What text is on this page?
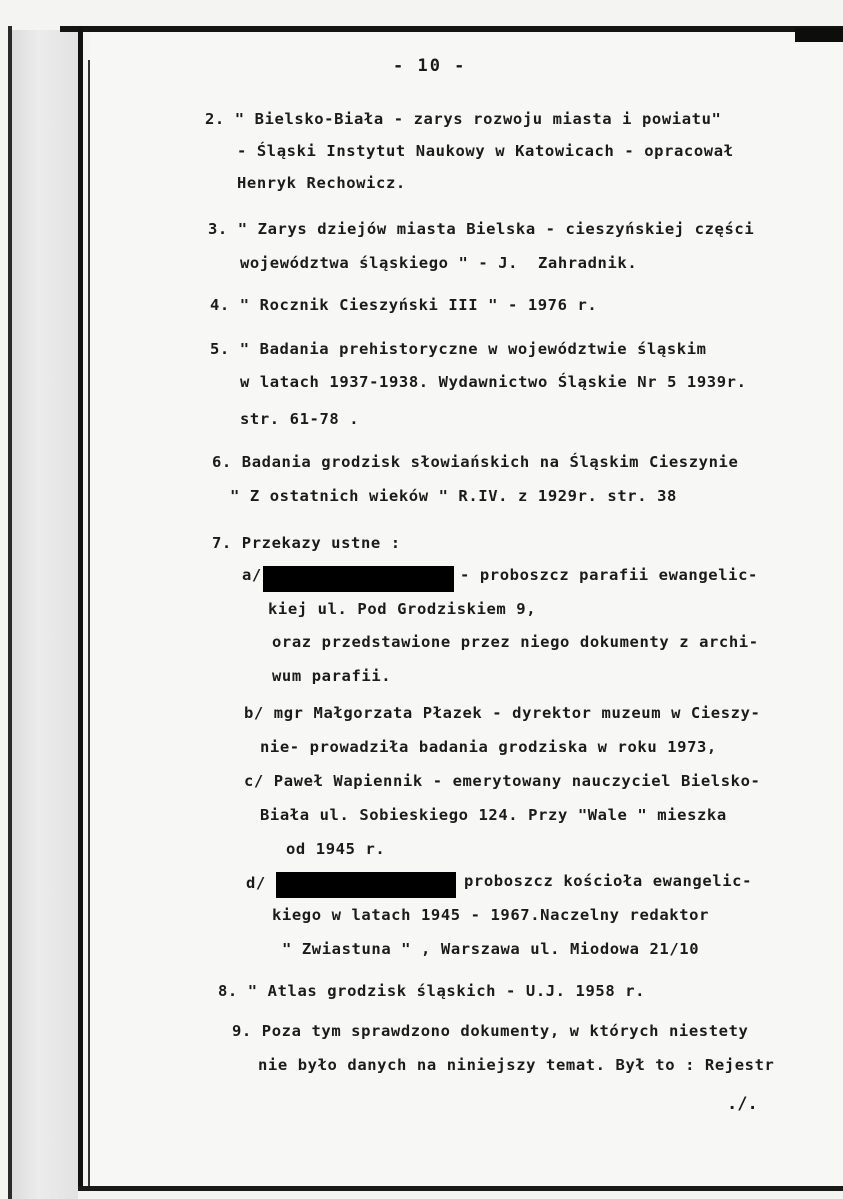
- 10 -
2. " Bielsko-Biała - zarys rozwoju miasta i powiatu"
- Śląski Instytut Naukowy w Katowicach - opracował
Henryk Rechowicz.
3. " Zarys dziejów miasta Bielska - cieszyńskiej części
województwa śląskiego " - J.  Zahradnik.
4. " Rocznik Cieszyński III " - 1976 r.
5. " Badania prehistoryczne w województwie śląskim
w latach 1937-1938. Wydawnictwo Śląskie Nr 5 1939r.
str. 61-78 .
6. Badania grodzisk słowiańskich na Śląskim Cieszynie
" Z ostatnich wieków " R.IV. z 1929r. str. 38
7. Przekazy ustne :
a/	- proboszcz parafii ewangelic-
kiej ul. Pod Grodziskiem 9,
oraz przedstawione przez niego dokumenty z archi-
wum parafii.
b/ mgr Małgorzata Płazek - dyrektor muzeum w Cieszy-
nie- prowadziła badania grodziska w roku 1973,
c/ Paweł Wapiennik - emerytowany nauczyciel Bielsko-
Biała ul. Sobieskiego 124. Przy "Wale " mieszka
od 1945 r.
d/	proboszcz kościoła ewangelic-
kiego w latach 1945 - 1967.Naczelny redaktor
" Zwiastuna " , Warszawa ul. Miodowa 21/10
8. " Atlas grodzisk śląskich - U.J. 1958 r.
9. Poza tym sprawdzono dokumenty, w których niestety
nie było danych na niniejszy temat. Był to : Rejestr
./.
